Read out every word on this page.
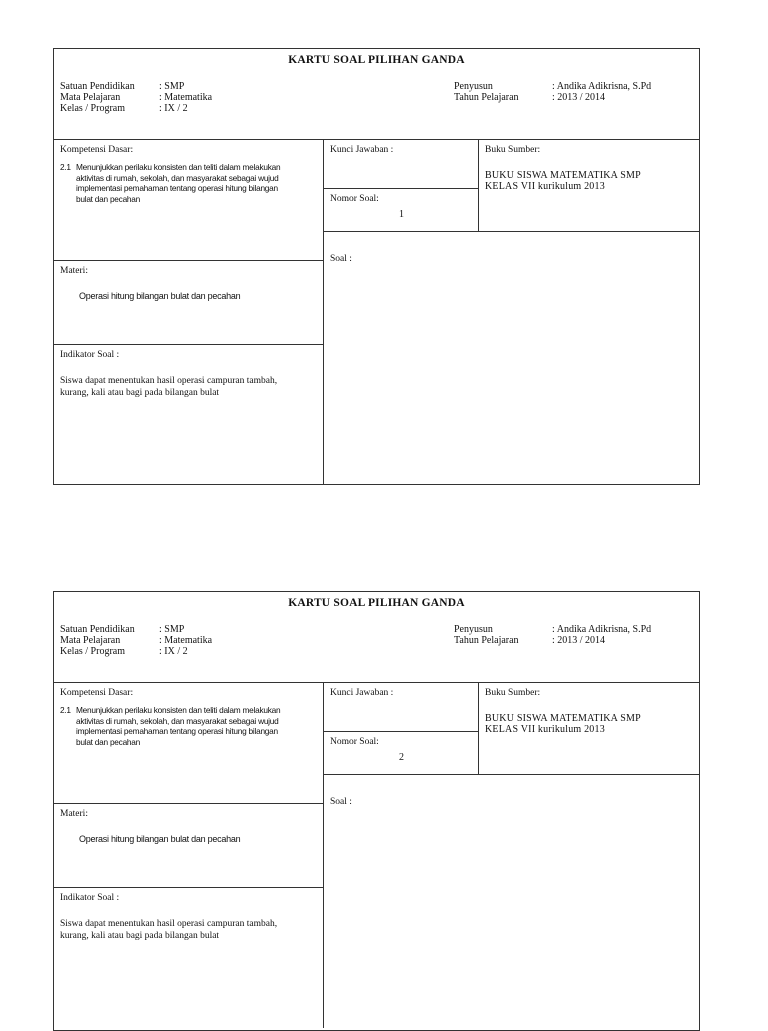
KARTU SOAL PILIHAN GANDA
Satuan Pendidikan	: SMP
Mata Pelajaran	: Matematika
Kelas / Program	: IX / 2
Penyusun	: Andika Adikrisna, S.Pd
Tahun Pelajaran	: 2013 / 2014
Kompetensi Dasar:
2.1 Menunjukkan perilaku konsisten dan teliti dalam melakukan
aktivitas di rumah, sekolah, dan masyarakat sebagai wujud
implementasi pemahaman tentang operasi hitung bilangan
bulat dan pecahan
Materi:
Operasi hitung bilangan bulat dan pecahan
Indikator Soal :
Siswa dapat menentukan hasil operasi campuran tambah,
kurang, kali atau bagi pada bilangan bulat
Kunci Jawaban :
Nomor Soal:
1
Buku Sumber:
BUKU SISWA MATEMATIKA SMP
KELAS VII kurikulum 2013
Soal :
KARTU SOAL PILIHAN GANDA
Satuan Pendidikan	: SMP
Mata Pelajaran	: Matematika
Kelas / Program	: IX / 2
Penyusun	: Andika Adikrisna, S.Pd
Tahun Pelajaran	: 2013 / 2014
Kompetensi Dasar:
2.1 Menunjukkan perilaku konsisten dan teliti dalam melakukan
aktivitas di rumah, sekolah, dan masyarakat sebagai wujud
implementasi pemahaman tentang operasi hitung bilangan
bulat dan pecahan
Materi:
Operasi hitung bilangan bulat dan pecahan
Indikator Soal :
Siswa dapat menentukan hasil operasi campuran tambah,
kurang, kali atau bagi pada bilangan bulat
Kunci Jawaban :
Nomor Soal:
2
Buku Sumber:
BUKU SISWA MATEMATIKA SMP
KELAS VII kurikulum 2013
Soal :
